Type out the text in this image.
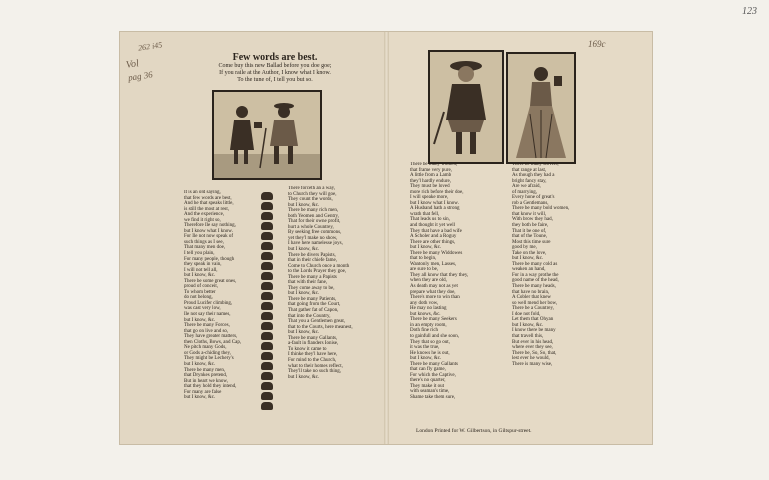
123
262 i45
Vol
pag 36
169c
Few words are best.
Come buy this new Ballad before you doe goe;
If you raile at the Author, I know what I know.
To the tune of, I tell you but so.
It is an old saying,
that few words are best,
And he that speaks little,
is still the most at rest,
And the experience,
we find it right so,
Therefore Ile say nothing,
but I know what I know.
For Ile not now speak of
such things as I see,
That many men doe,
I tell you plain,
For many people, though
they speak in vain,
I will not tell all,
but I know, &c.
There be some great ones,
proud of conceit,
To whom better
do not belong,
Proud Lucifer climbing,
was cast very low,
Ile not say their names,
but I know, &c.
There be many Forces,
that go on live and so,
They have greater matters,
then Cloths, Bows, and Cap,
Ne pitch many Gods,
or Gods a-chiding they,
They might be Lechery's
but I know, &c.
There be many men,
that Drynkes pretend,
But in heart we know,
that they hold they intend,
For many are false
but I know, &c.
There forceth an a way,
to Church they will goe,
They count the words,
but I know, &c.
There be many rich men,
both Yeomen and Gentry,
That for their owne profit,
hurt a whole Countrey,
By seeking free commons,
yet they'l make no show,
I have here namelesse joys,
but I know, &c.
There be divers Papists,
that in their chiefe fame,
Come to Church once a month
to the Lords Prayer they goe,
There be many a Papists
that with their fane,
They come away to be,
but I know, &c.
There be many Patients,
that going from the Court,
That gather fat of Capon,
that into the Country,
That you a Gentlemen great,
that to the Courts, here meanest,
but I know, &c.
There be many Gallants,
a-fault in flanders Ionise,
To know it came to
I thinke they'l have here,
For mind to the Church,
what to their homes reflect,
They'll take no such thing,
but I know, &c.
There be many women,
that frame very pure,
A little from a Lamb
they'l hardly endure,
They must be loved
more rich before their doe,
I will speake more,
but I know what I know.
A Husband hath a strong
wrath that fell,
That leads us to sin,
and thought it yet well
They that have a bad wife
A Scholer and a Roguy
There are other things,
but I know, &c.
There be many Widdowes
that to begin,
Wantonly men, Lasses,
are sure to be,
They all know that they they,
when they are old,
As death may not as yet
prepare what they doe,
There's more to win than
any doth vow,
He may no lasting
but knows, &c.
There be many Seekers
in an empty room,
Doth fine rich
to gainfull and she soon,
They that so go out,
it was the true,
He knows he is out,
but I know, &c.
There be many Gallants
that can fly game,
For which the Captive,
there's no quarter,
They make it out
with seaman's time,
Shame take them sure,
There be many Rovers,
that range at last,
As though they had a
bright fancy stay,
Are we afraid,
of marrying,
Every hone of great's
rob a Gentlemans,
There be many bold women,
that know it will,
With brow they had,
they both be faire,
That it be one of,
that of the Toune,
Most this time sure
good by me,
Take on the love,
but I know, &c.
There be many cold as
weaken an hand,
For in a way prothe the
good name of the head,
There be many heads,
that have no brain,
A Cobler that knew
so well mend her bow,
There be a Countrey,
I doe not fold,
Let them that Ohyan
but I know, &c.
I know there be many
that travell this,
But ever in his head,
where ever they see,
There be, So, So, that,
lest ever he would,
There is many wise,
London Printed for W. Gilbertson, in Giltspur-street.
